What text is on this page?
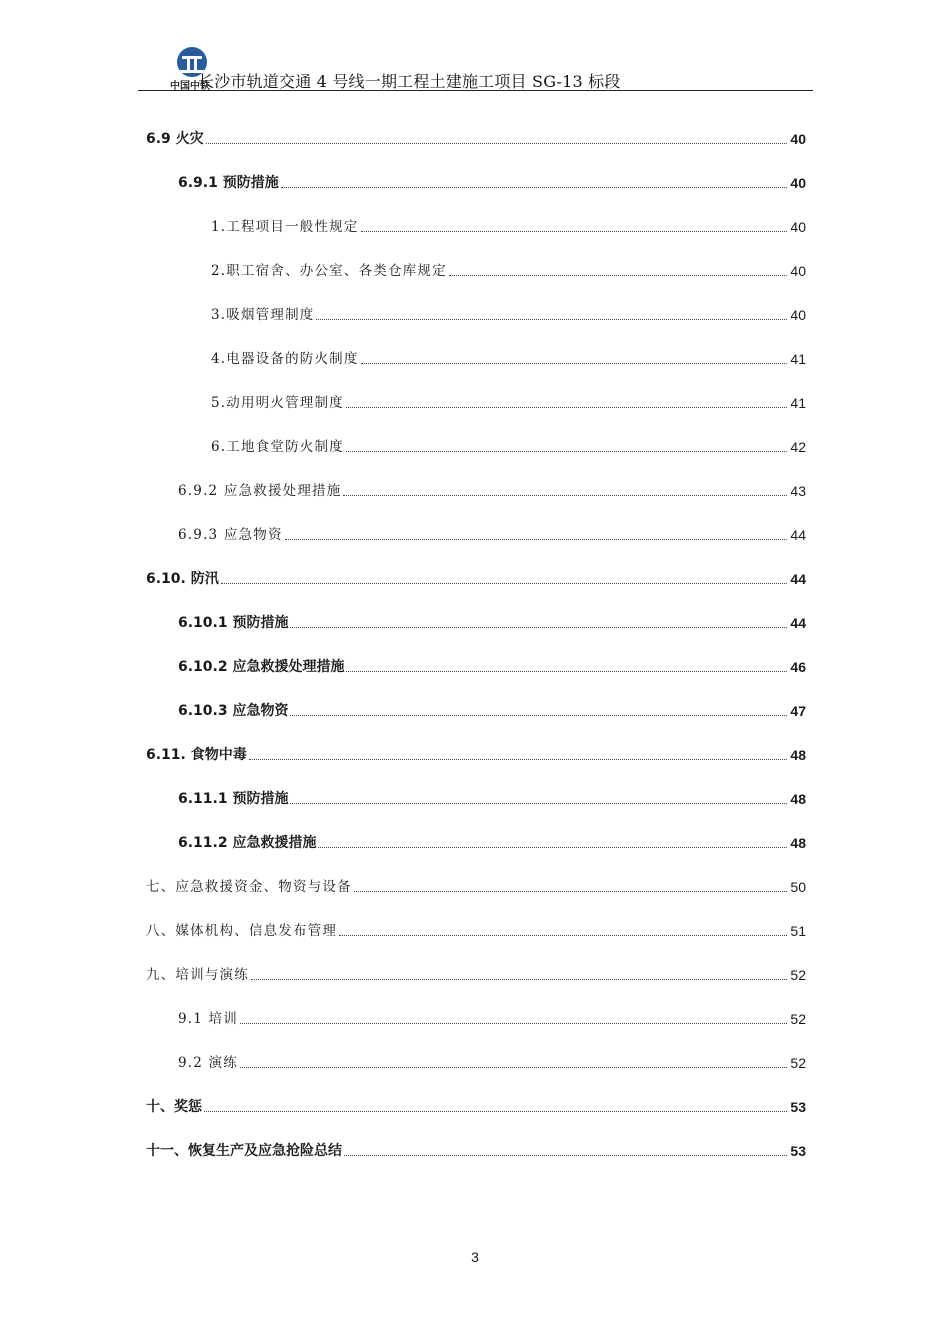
中国中铁
长沙市轨道交通 4 号线一期工程土建施工项目 SG-13 标段
6.9 火灾	40
6.9.1 预防措施	40
1.工程项目一般性规定	40
2.职工宿舍、办公室、各类仓库规定	40
3.吸烟管理制度	40
4.电器设备的防火制度	41
5.动用明火管理制度	41
6.工地食堂防火制度	42
6.9.2 应急救援处理措施	43
6.9.3 应急物资	44
6.10. 防汛	44
6.10.1 预防措施	44
6.10.2 应急救援处理措施	46
6.10.3 应急物资	47
6.11. 食物中毒	48
6.11.1 预防措施	48
6.11.2 应急救援措施	48
七、应急救援资金、物资与设备	50
八、媒体机构、信息发布管理	51
九、培训与演练	52
9.1 培训	52
9.2 演练	52
十、奖惩	53
十一、恢复生产及应急抢险总结	53
3
